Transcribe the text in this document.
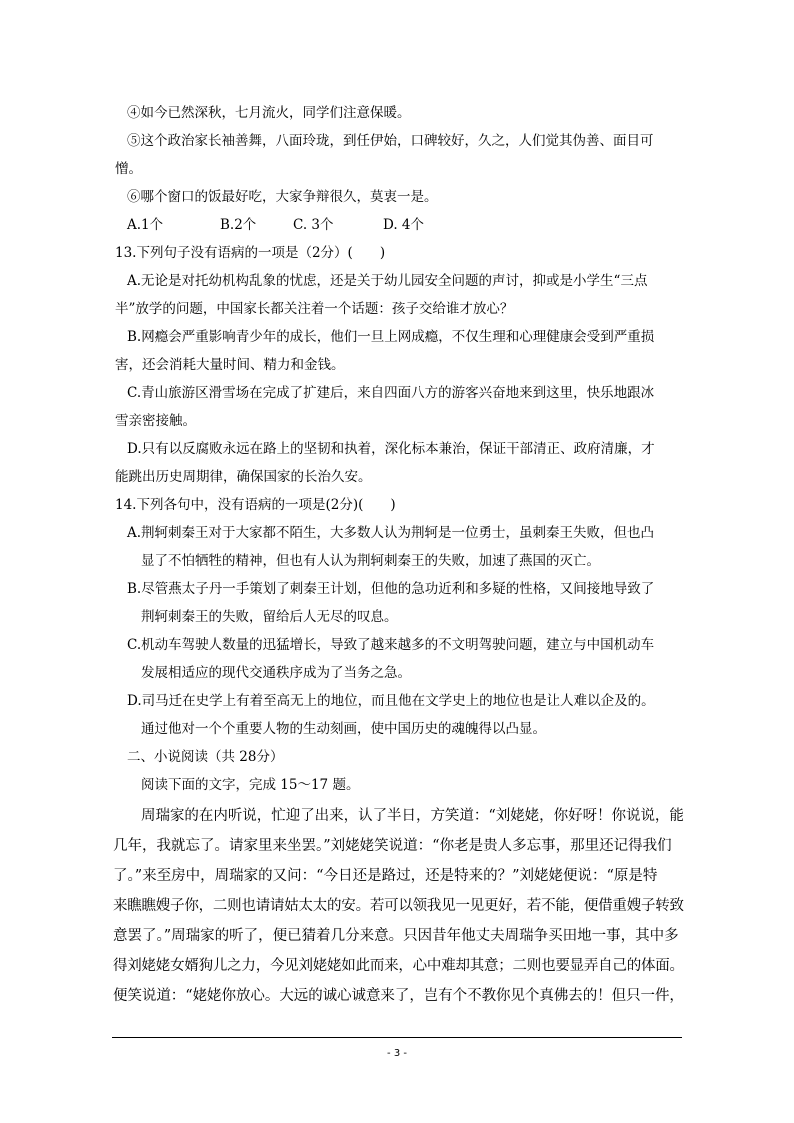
④如今已然深秋，七月流火，同学们注意保暖。
⑤这个政治家长袖善舞，八面玲珑，到任伊始，口碑较好，久之，人们觉其伪善、面目可
憎。
⑥哪个窗口的饭最好吃，大家争辩很久，莫衷一是。
A.1个	B.2个	C. 3个	D. 4个
13.下列句子没有语病的一项是（2分）(　　)
A.无论是对托幼机构乱象的忧虑，还是关于幼儿园安全问题的声讨，抑或是小学生“三点
半”放学的问题，中国家长都关注着一个话题：孩子交给谁才放心？
B.网瘾会严重影响青少年的成长，他们一旦上网成瘾，不仅生理和心理健康会受到严重损
害，还会消耗大量时间、精力和金钱。
C.青山旅游区滑雪场在完成了扩建后，来自四面八方的游客兴奋地来到这里，快乐地跟冰
雪亲密接触。
D.只有以反腐败永远在路上的坚韧和执着，深化标本兼治，保证干部清正、政府清廉，才
能跳出历史周期律，确保国家的长治久安。
14.下列各句中，没有语病的一项是(2分)(　　)
A.荆轲刺秦王对于大家都不陌生，大多数人认为荆轲是一位勇士，虽刺秦王失败，但也凸
显了不怕牺牲的精神，但也有人认为荆轲刺秦王的失败，加速了燕国的灭亡。
B.尽管燕太子丹一手策划了刺秦王计划，但他的急功近利和多疑的性格，又间接地导致了
荆轲刺秦王的失败，留给后人无尽的叹息。
C.机动车驾驶人数量的迅猛增长，导致了越来越多的不文明驾驶问题，建立与中国机动车
发展相适应的现代交通秩序成为了当务之急。
D.司马迁在史学上有着至高无上的地位，而且他在文学史上的地位也是让人难以企及的。
通过他对一个个重要人物的生动刻画，使中国历史的魂魄得以凸显。
二、小说阅读（共 28分）
阅读下面的文字，完成 15～17 题。
周瑞家的在内听说，忙迎了出来，认了半日，方笑道：“刘姥姥，你好呀！你说说，能
几年，我就忘了。请家里来坐罢。”刘姥姥笑说道：“你老是贵人多忘事，那里还记得我们
了。”来至房中，周瑞家的又问：“今日还是路过，还是特来的？”刘姥姥便说：“原是特
来瞧瞧嫂子你，二则也请请姑太太的安。若可以领我见一见更好，若不能，便借重嫂子转致
意罢了。”周瑞家的听了，便已猜着几分来意。只因昔年他丈夫周瑞争买田地一事，其中多
得刘姥姥女婿狗儿之力，今见刘姥姥如此而来，心中难却其意；二则也要显弄自己的体面。
便笑说道：“姥姥你放心。大远的诚心诚意来了，岂有个不教你见个真佛去的！但只一件，
- 3 -
